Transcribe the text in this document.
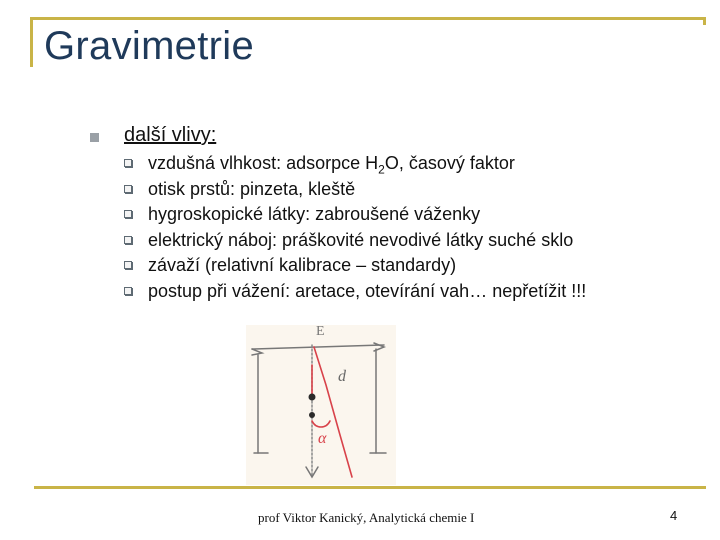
Gravimetrie
další vlivy:
vzdušná vlhkost: adsorpce $H_2O$, časový faktor
otisk prstů: pinzeta, kleště
hygroskopické látky: zabroušené váženky
elektrický náboj: práškovité nevodivé látky suché sklo
závaží (relativní kalibrace – standardy)
postup při vážení: aretace, otevírání vah… nepřetížit !!!
E
d
α
prof Viktor Kanický, Analytická chemie I	4
